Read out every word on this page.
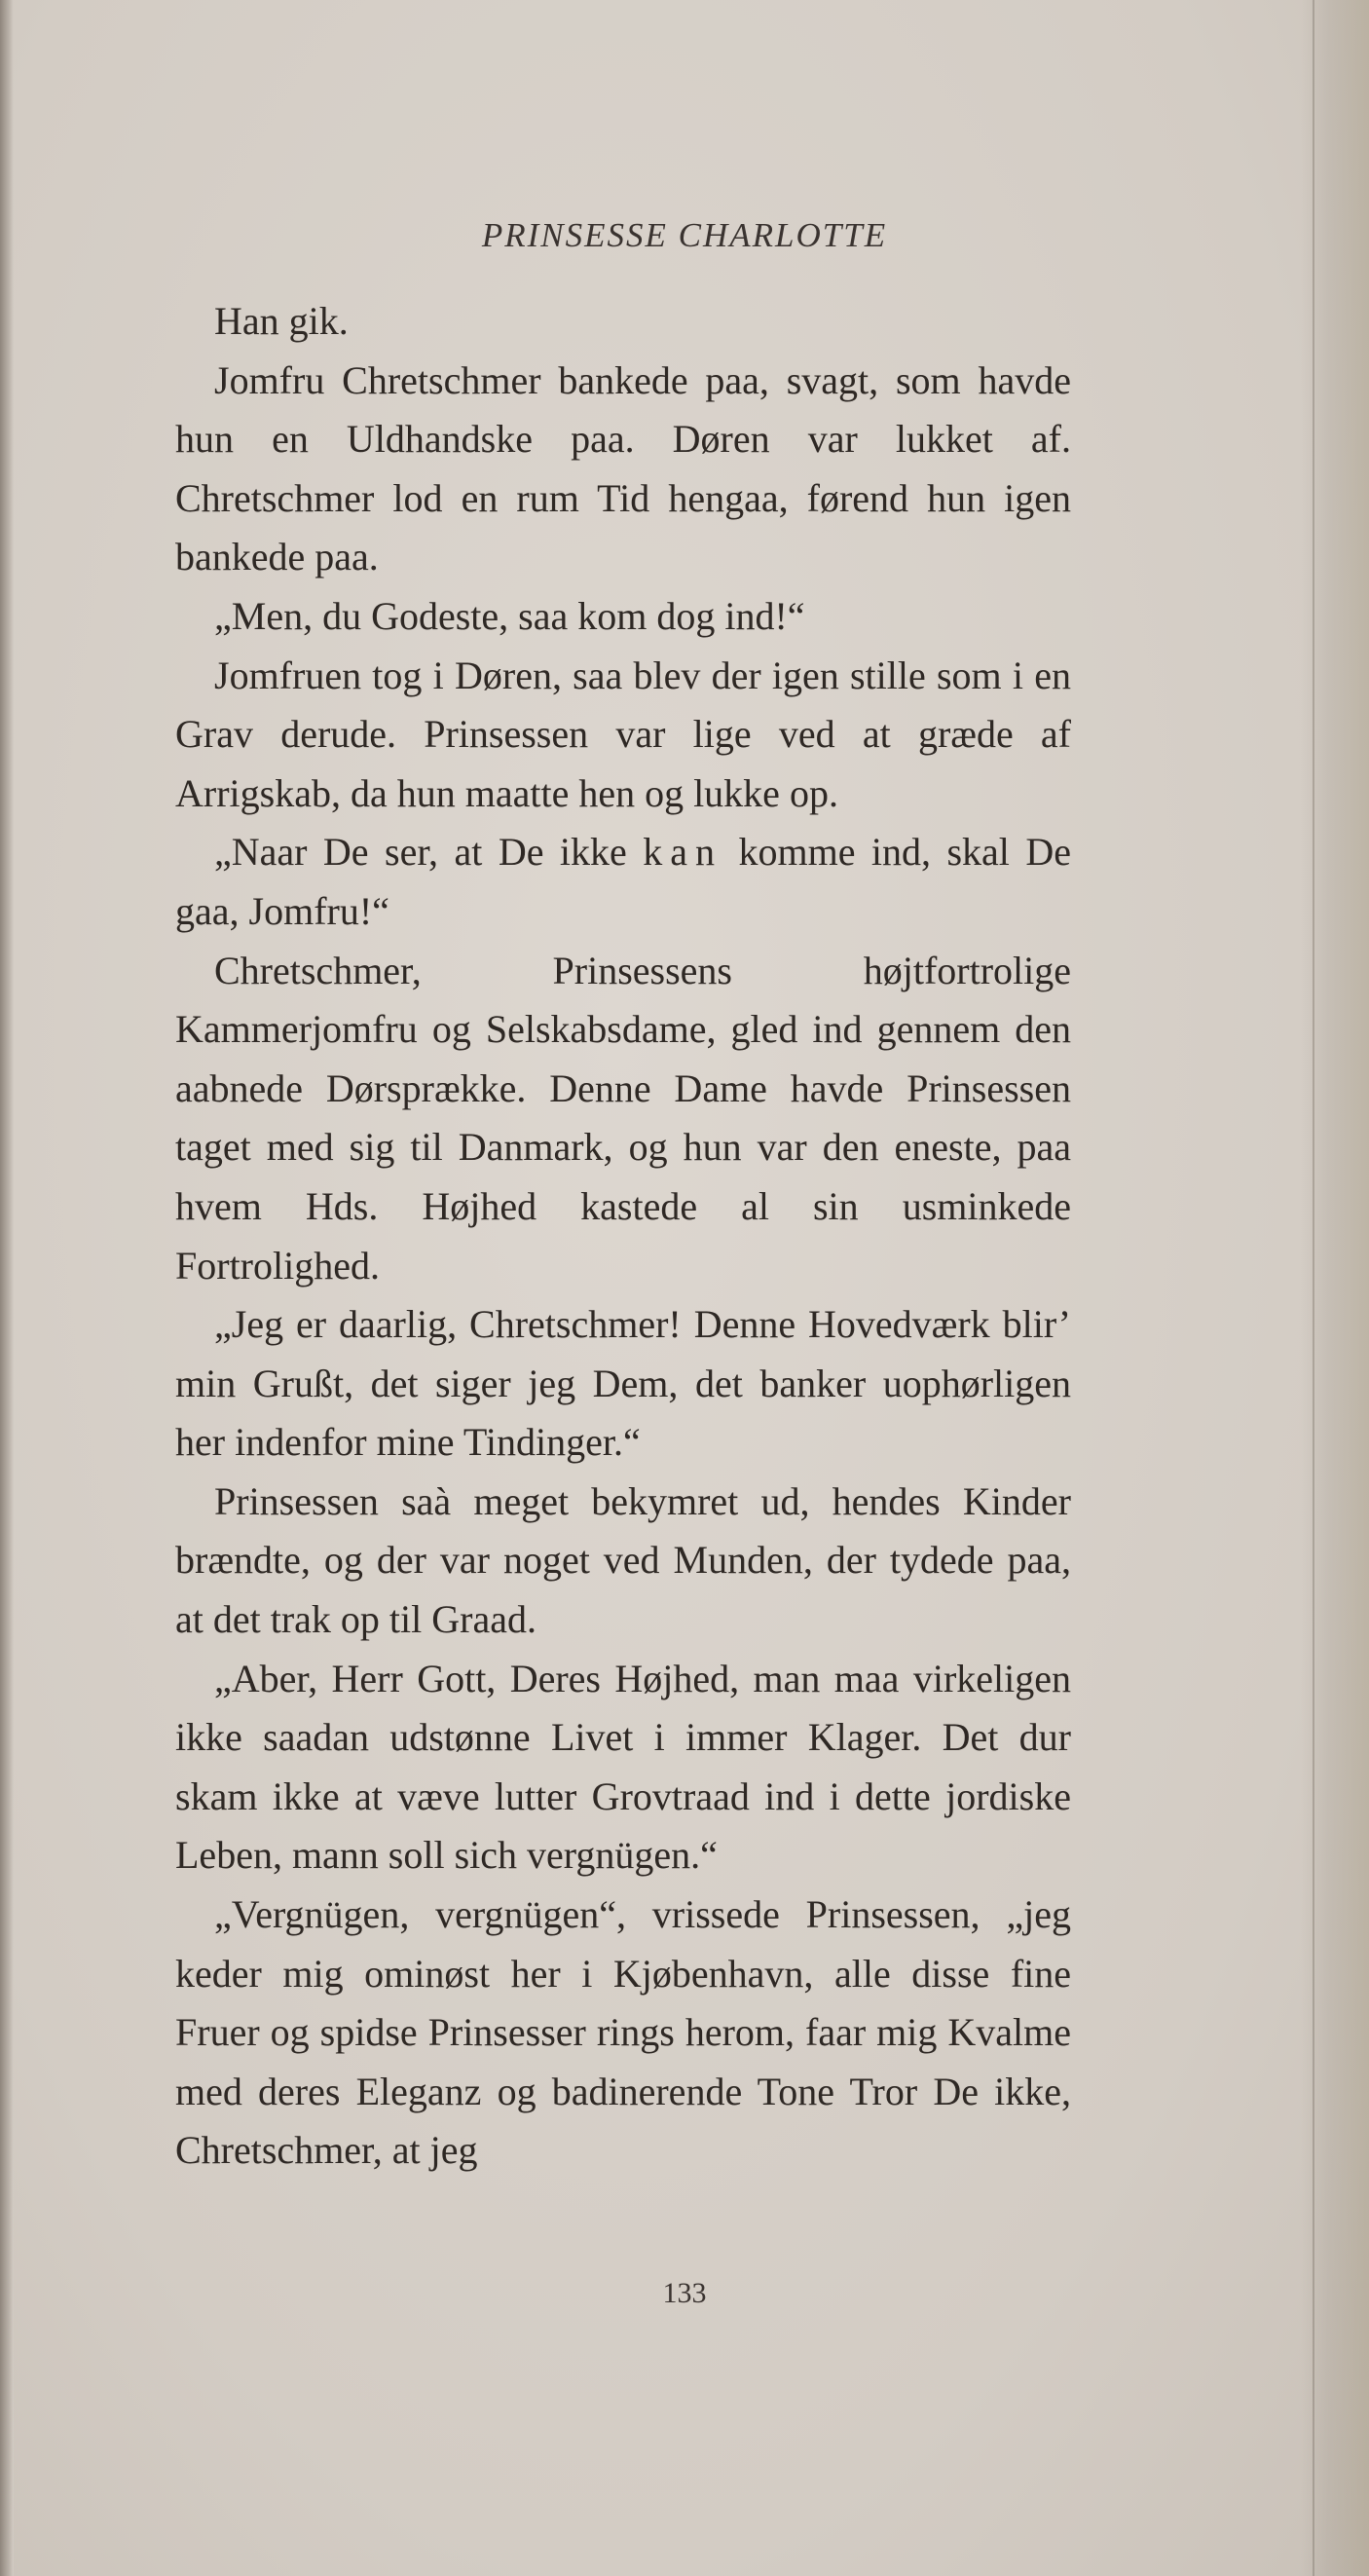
PRINSESSE CHARLOTTE

Han gik.

Jomfru Chretschmer bankede paa, svagt, som havde hun en Uldhandske paa. Døren var lukket af. Chretschmer lod en rum Tid hengaa, førend hun igen bankede paa.

„Men, du Godeste, saa kom dog ind!“

Jomfruen tog i Døren, saa blev der igen stille som i en Grav derude. Prinsessen var lige ved at græde af Arrigskab, da hun maatte hen og lukke op.

„Naar De ser, at De ikke kan komme ind, skal De gaa, Jomfru!“

Chretschmer, Prinsessens højtfortrolige Kammerjomfru og Selskabsdame, gled ind gennem den aabnede Dørsprække. Denne Dame havde Prinsessen taget med sig til Danmark, og hun var den eneste, paa hvem Hds. Højhed kastede al sin usminkede Fortrolighed.

„Jeg er daarlig, Chretschmer! Denne Hovedværk blir’ min Grußt, det siger jeg Dem, det banker uophørligen her indenfor mine Tindinger.“

Prinsessen saà meget bekymret ud, hendes Kinder brændte, og der var noget ved Munden, der tydede paa, at det trak op til Graad.

„Aber, Herr Gott, Deres Højhed, man maa virkeligen ikke saadan udstønne Livet i immer Klager. Det dur skam ikke at væve lutter Grovtraad ind i dette jordiske Leben, mann soll sich vergnügen.“

„Vergnügen, vergnügen“, vrissede Prinsessen, „jeg keder mig ominøst her i Kjøbenhavn, alle disse fine Fruer og spidse Prinsesser rings herom, faar mig Kvalme med deres Eleganz og badinerende Tone Tror De ikke, Chretschmer, at jeg

133
